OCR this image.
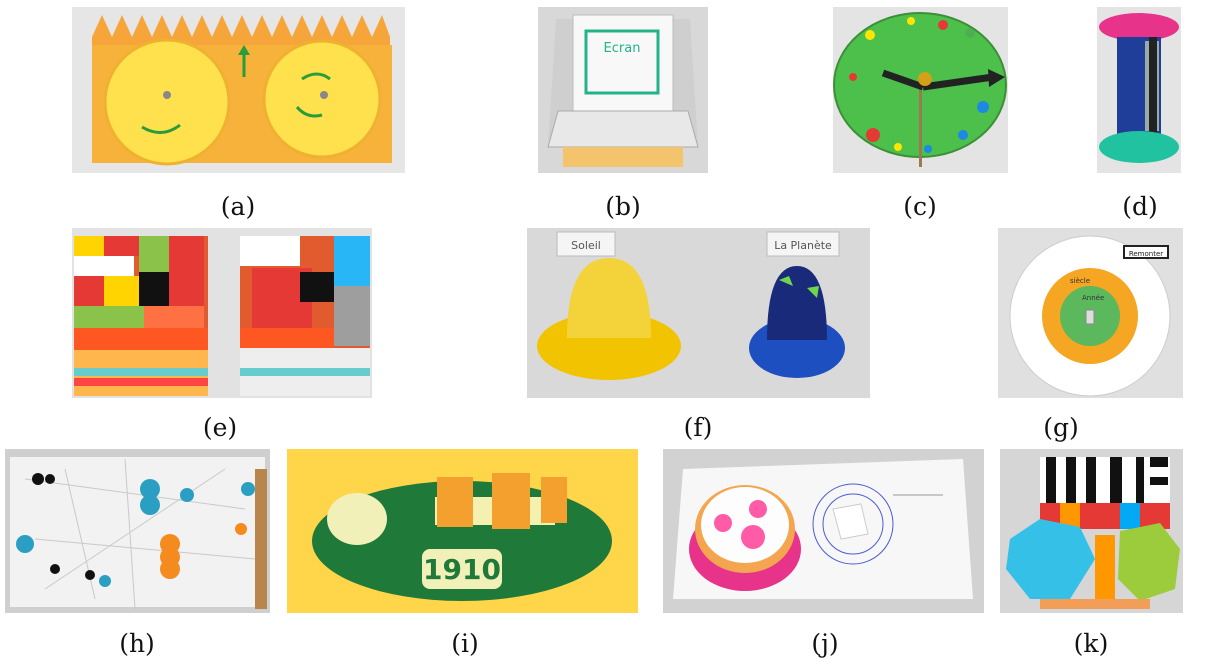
Ecran
Soleil	La Planète
Remonter
siècle
Année
1910
(a)	(b)	(c)	(d)
(e)	(f)	(g)
(h)	(i)	(j)	(k)
